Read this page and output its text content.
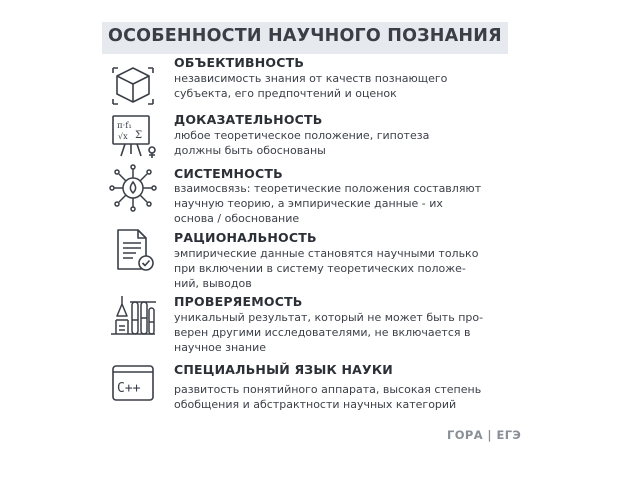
ОСОБЕННОСТИ НАУЧНОГО ПОЗНАНИЯ
ОБЪЕКТИВНОСТЬ
независимость знания от качеств познающего
субъекта, его предпочтений и оценок
π·f₁
√x Σ
ДОКАЗАТЕЛЬНОСТЬ
любое теоретическое положение, гипотеза
должны быть обоснованы
СИСТЕМНОСТЬ
взаимосвязь: теоретические положения составляют
научную теорию, а эмпирические данные - их
основа / обоснование
РАЦИОНАЛЬНОСТЬ
эмпирические данные становятся научными только
при включении в систему теоретических положе-
ний, выводов
ПРОВЕРЯЕМОСТЬ
уникальный результат, который не может быть про-
верен другими исследователями, не включается в
научное знание
C++
СПЕЦИАЛЬНЫЙ ЯЗЫК НАУКИ
развитость понятийного аппарата, высокая степень
обобщения и абстрактности научных категорий
ГОРА | ЕГЭ
